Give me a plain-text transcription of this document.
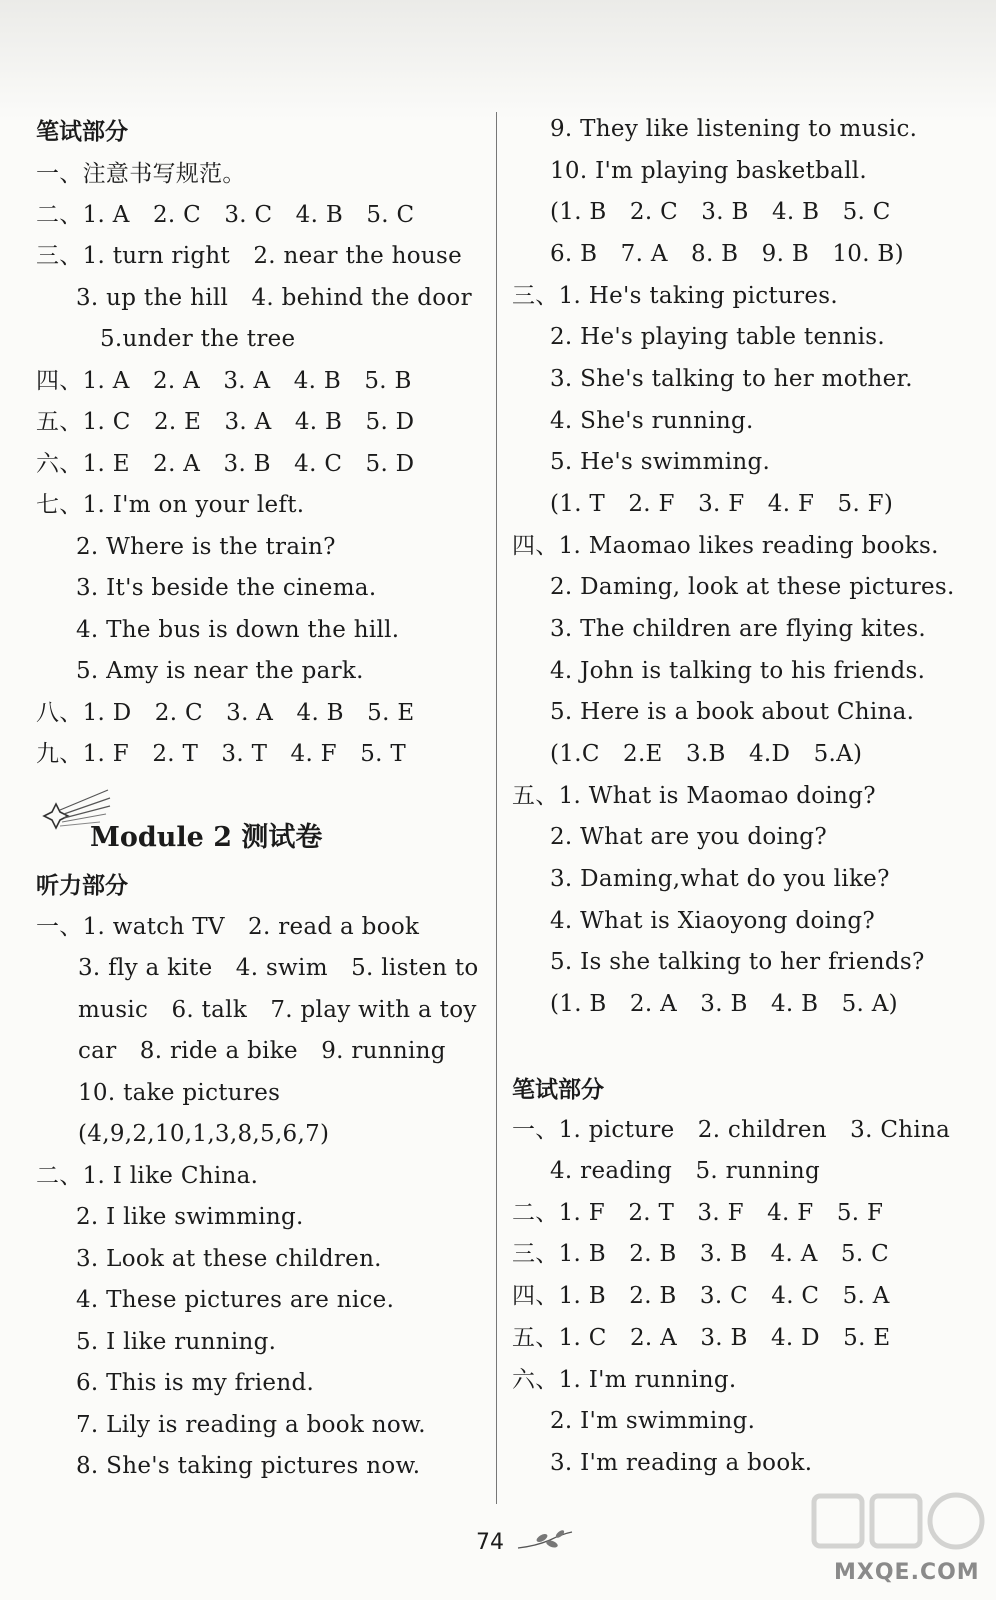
笔试部分
一、注意书写规范。
二、1. A　2. C　3. C　4. B　5. C
三、1. turn right　2. near the house
3. up the hill　4. behind the door
5.under the tree
四、1. A　2. A　3. A　4. B　5. B
五、1. C　2. E　3. A　4. B　5. D
六、1. E　2. A　3. B　4. C　5. D
七、1. I'm on your left.
2. Where is the train?
3. It's beside the cinema.
4. The bus is down the hill.
5. Amy is near the park.
八、1. D　2. C　3. A　4. B　5. E
九、1. F　2. T　3. T　4. F　5. T
Module 2 测试卷
听力部分
一、1. watch TV　2. read a book
3. fly a kite　4. swim　5. listen to
music　6. talk　7. play with a toy
car　8. ride a bike　9. running
10. take pictures
(4,9,2,10,1,3,8,5,6,7)
二、1. I like China.
2. I like swimming.
3. Look at these children.
4. These pictures are nice.
5. I like running.
6. This is my friend.
7. Lily is reading a book now.
8. She's taking pictures now.
9. They like listening to music.
10. I'm playing basketball.
(1. B　2. C　3. B　4. B　5. C
6. B　7. A　8. B　9. B　10. B)
三、1. He's taking pictures.
2. He's playing table tennis.
3. She's talking to her mother.
4. She's running.
5. He's swimming.
(1. T　2. F　3. F　4. F　5. F)
四、1. Maomao likes reading books.
2. Daming, look at these pictures.
3. The children are flying kites.
4. John is talking to his friends.
5. Here is a book about China.
(1.C　2.E　3.B　4.D　5.A)
五、1. What is Maomao doing?
2. What are you doing?
3. Daming,what do you like?
4. What is Xiaoyong doing?
5. Is she talking to her friends?
(1. B　2. A　3. B　4. B　5. A)
笔试部分
一、1. picture　2. children　3. China
4. reading　5. running
二、1. F　2. T　3. F　4. F　5. F
三、1. B　2. B　3. B　4. A　5. C
四、1. B　2. B　3. C　4. C　5. A
五、1. C　2. A　3. B　4. D　5. E
六、1. I'm running.
2. I'm swimming.
3. I'm reading a book.
74
MXQE.COM
